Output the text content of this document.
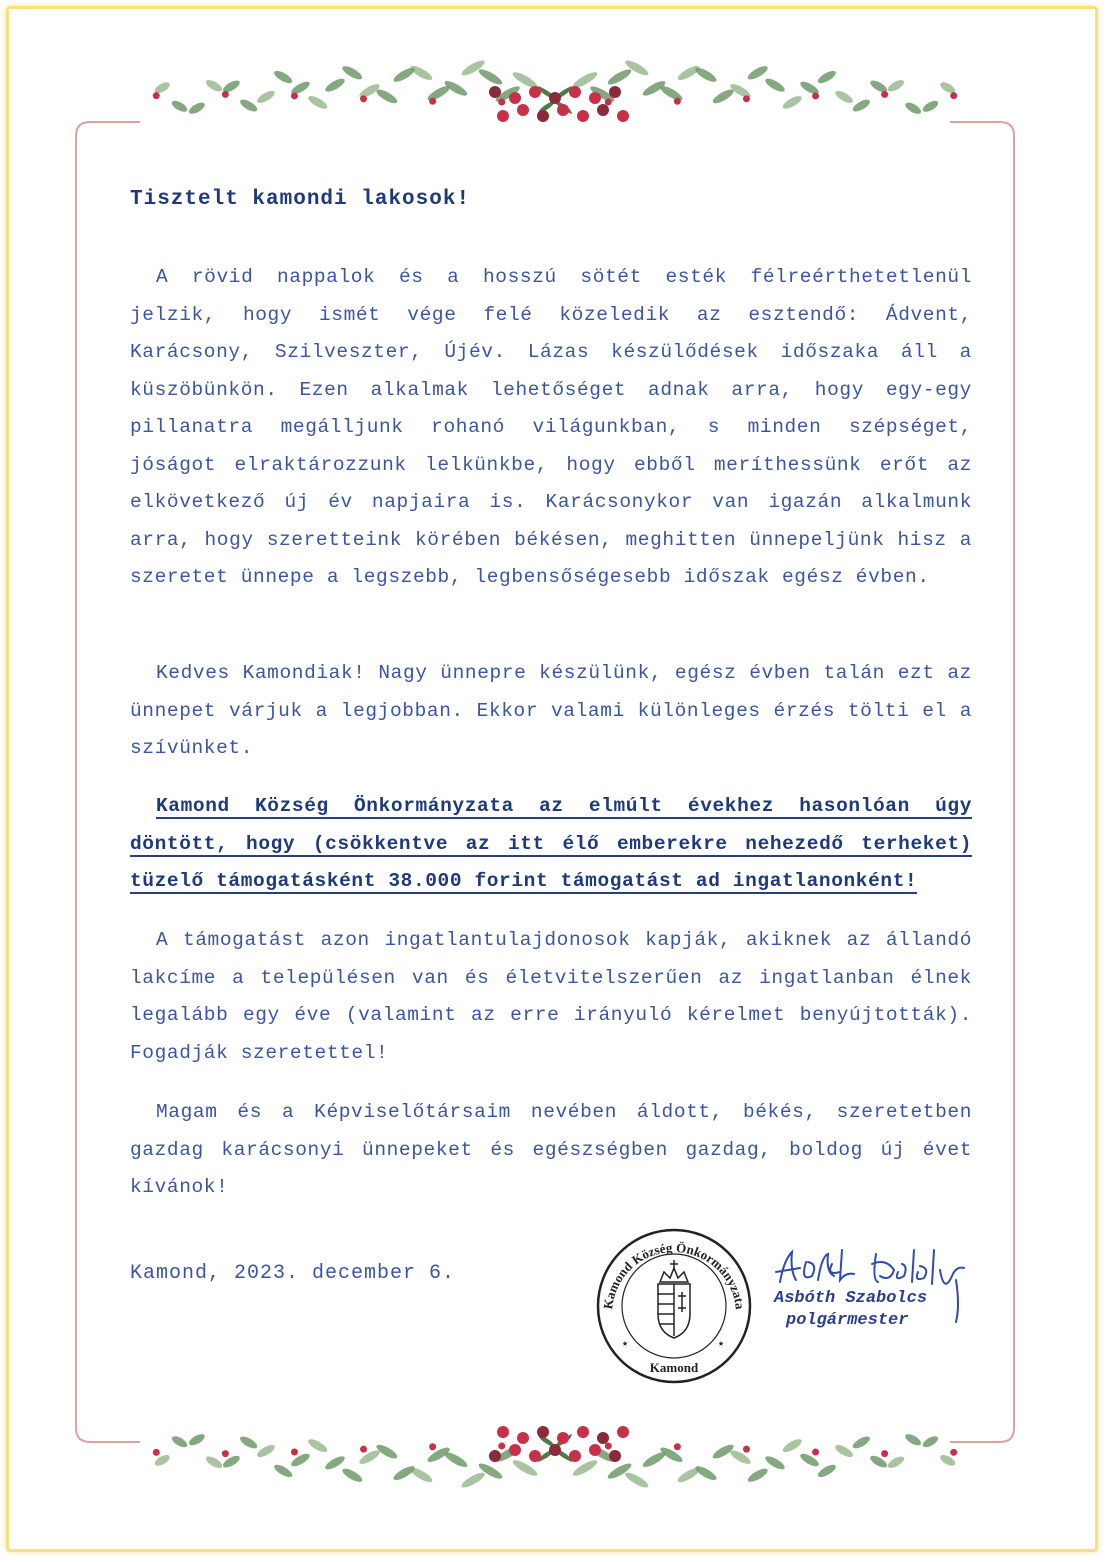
Kamond Község Önkormányzata
Kamond
★	★
Tisztelt kamondi lakosok!

A rövid nappalok és a hosszú sötét esték félreérthetetlenül jelzik, hogy ismét vége felé közeledik az esztendő: Ádvent, Karácsony, Szilveszter, Újév. Lázas készülődések időszaka áll a küszöbünkön. Ezen alkalmak lehetőséget adnak arra, hogy egy-egy pillanatra megálljunk rohanó világunkban, s minden szépséget, jóságot elraktározzunk lelkünkbe, hogy ebből meríthessünk erőt az elkövetkező új év napjaira is. Karácsonykor van igazán alkalmunk arra, hogy szeretteink körében békésen, meghitten ünnepeljünk hisz a szeretet ünnepe a legszebb, legbensőségesebb időszak egész évben.

Kedves Kamondiak! Nagy ünnepre készülünk, egész évben talán ezt az ünnepet várjuk a legjobban. Ekkor valami különleges érzés tölti el a szívünket.

Kamond Község Önkormányzata az elmúlt évekhez hasonlóan úgy döntött, hogy (csökkentve az itt élő emberekre nehezedő terheket) tüzelő támogatásként 38.000 forint támogatást ad ingatlanonként!

A támogatást azon ingatlantulajdonosok kapják, akiknek az állandó lakcíme a településen van és életvitelszerűen az ingatlanban élnek legalább egy éve (valamint az erre irányuló kérelmet benyújtották). Fogadják szeretettel!

Magam és a Képviselőtársaim nevében áldott, békés, szeretetben gazdag karácsonyi ünnepeket és egészségben gazdag, boldog új évet kívánok!

Kamond, 2023. december 6.
Asbóth Szabolcs
polgármester
